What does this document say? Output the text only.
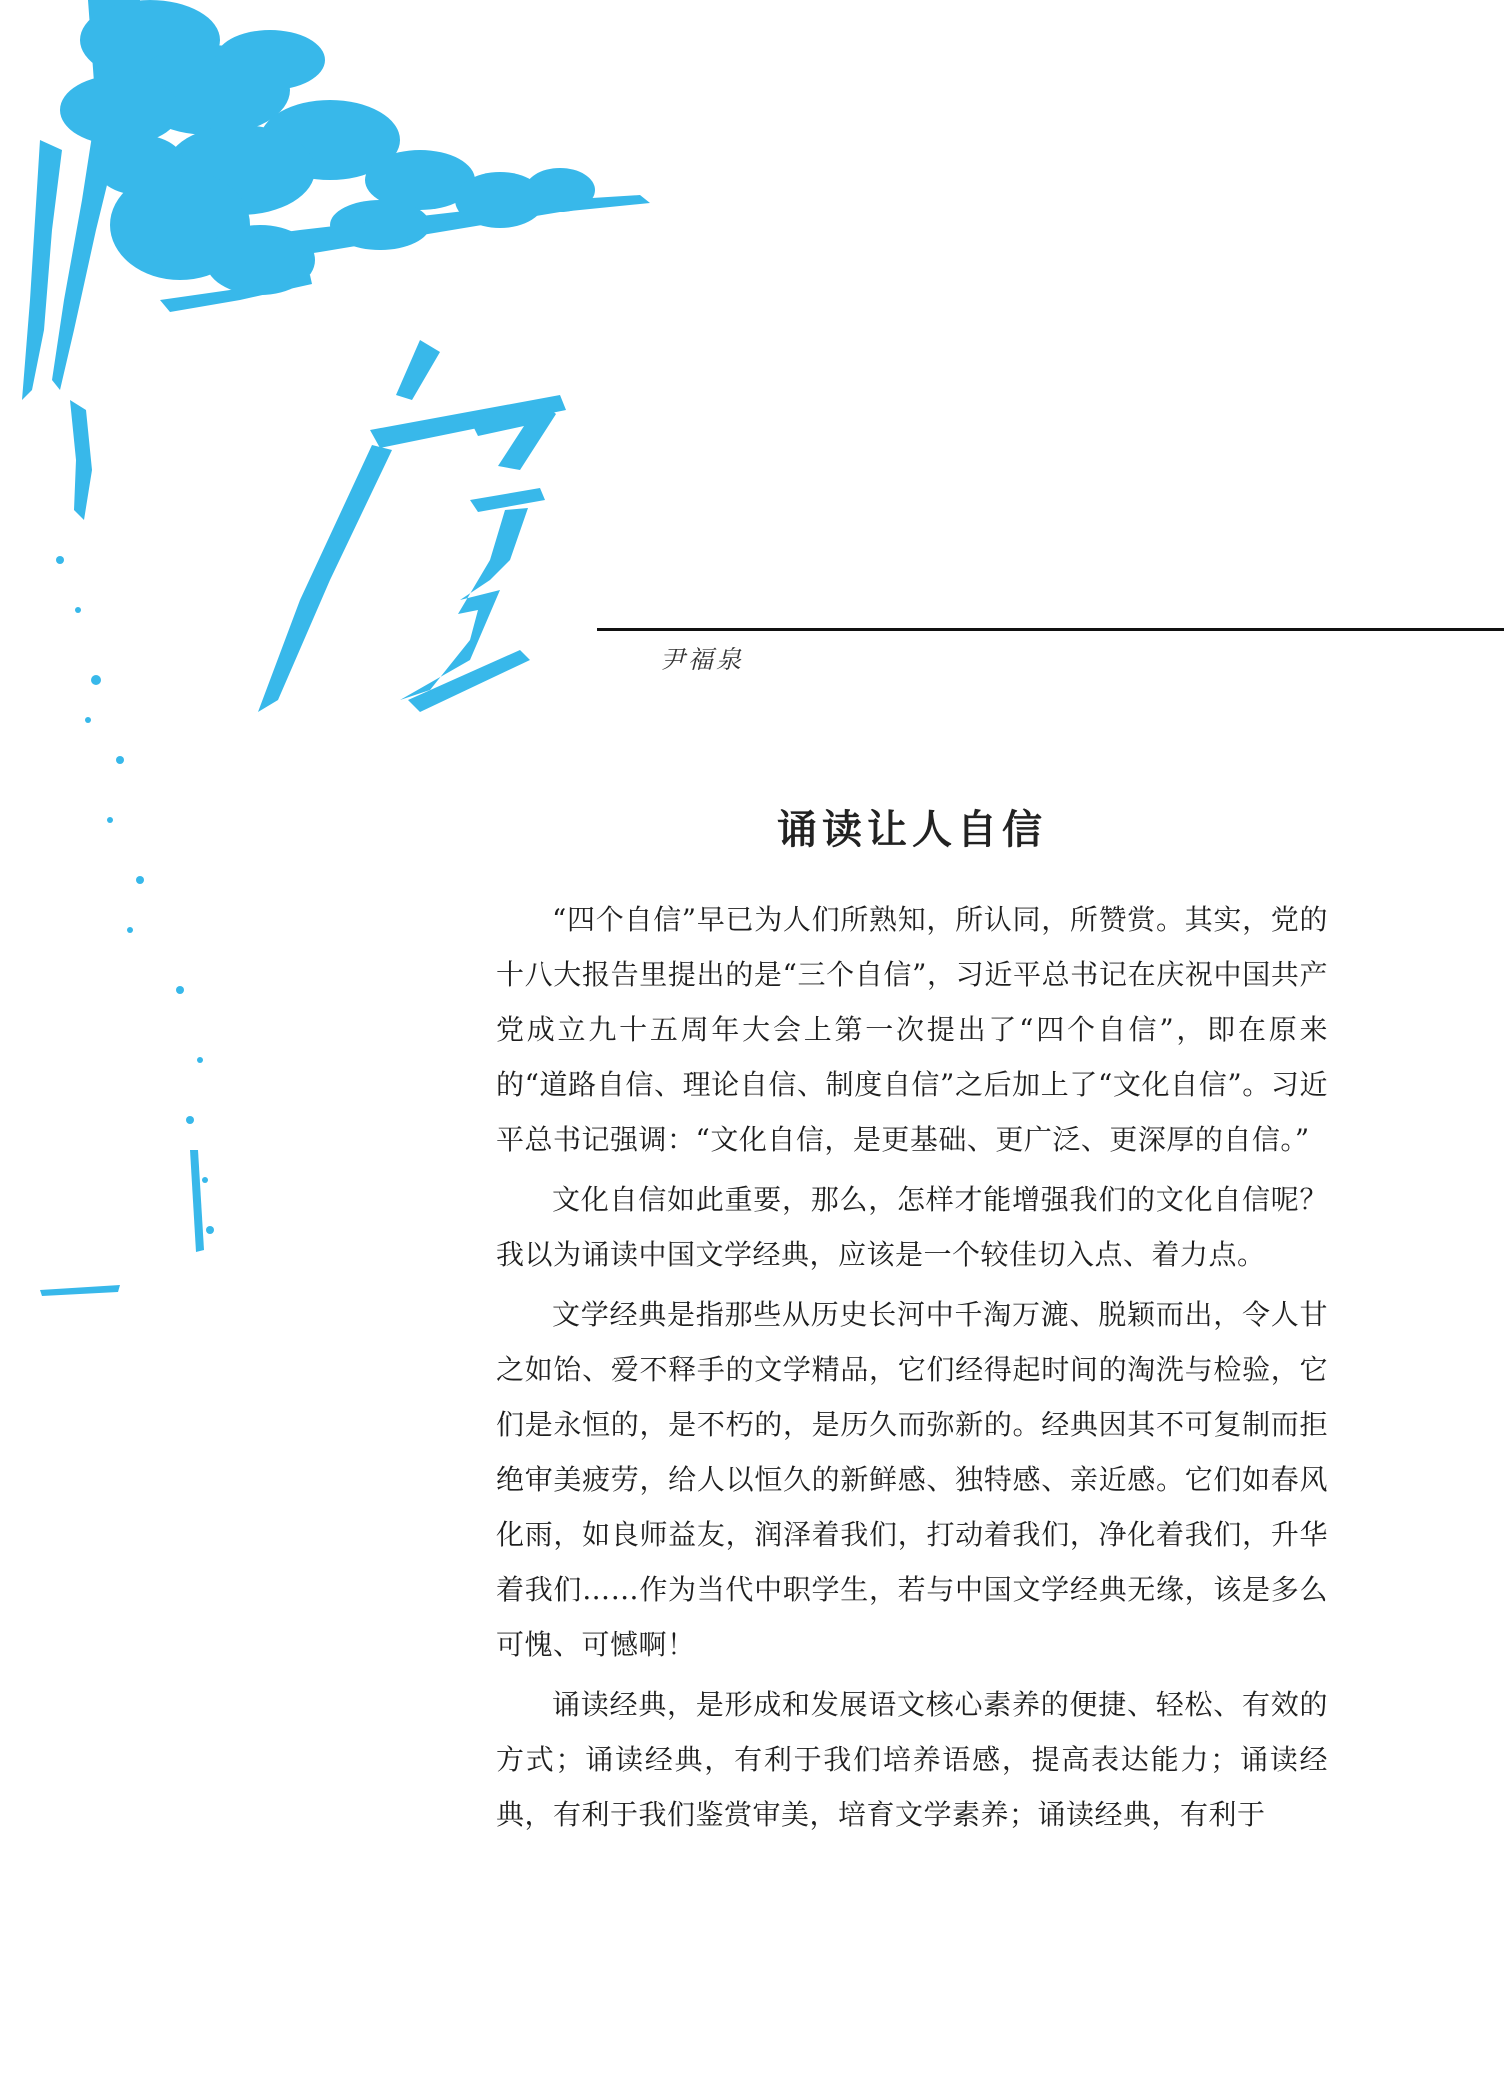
尹福泉
诵读让人自信

“四个自信”早已为人们所熟知，所认同，所赞赏。其实，党的十八大报告里提出的是“三个自信”，习近平总书记在庆祝中国共产党成立九十五周年大会上第一次提出了“四个自信”，即在原来的“道路自信、理论自信、制度自信”之后加上了“文化自信”。习近平总书记强调：“文化自信，是更基础、更广泛、更深厚的自信。”

文化自信如此重要，那么，怎样才能增强我们的文化自信呢？我以为诵读中国文学经典，应该是一个较佳切入点、着力点。

文学经典是指那些从历史长河中千淘万漉、脱颖而出，令人甘之如饴、爱不释手的文学精品，它们经得起时间的淘洗与检验，它们是永恒的，是不朽的，是历久而弥新的。经典因其不可复制而拒绝审美疲劳，给人以恒久的新鲜感、独特感、亲近感。它们如春风化雨，如良师益友，润泽着我们，打动着我们，净化着我们，升华着我们……作为当代中职学生，若与中国文学经典无缘，该是多么可愧、可憾啊！

诵读经典，是形成和发展语文核心素养的便捷、轻松、有效的方式；诵读经典，有利于我们培养语感，提高表达能力；诵读经典，有利于我们鉴赏审美，培育文学素养；诵读经典，有利于
